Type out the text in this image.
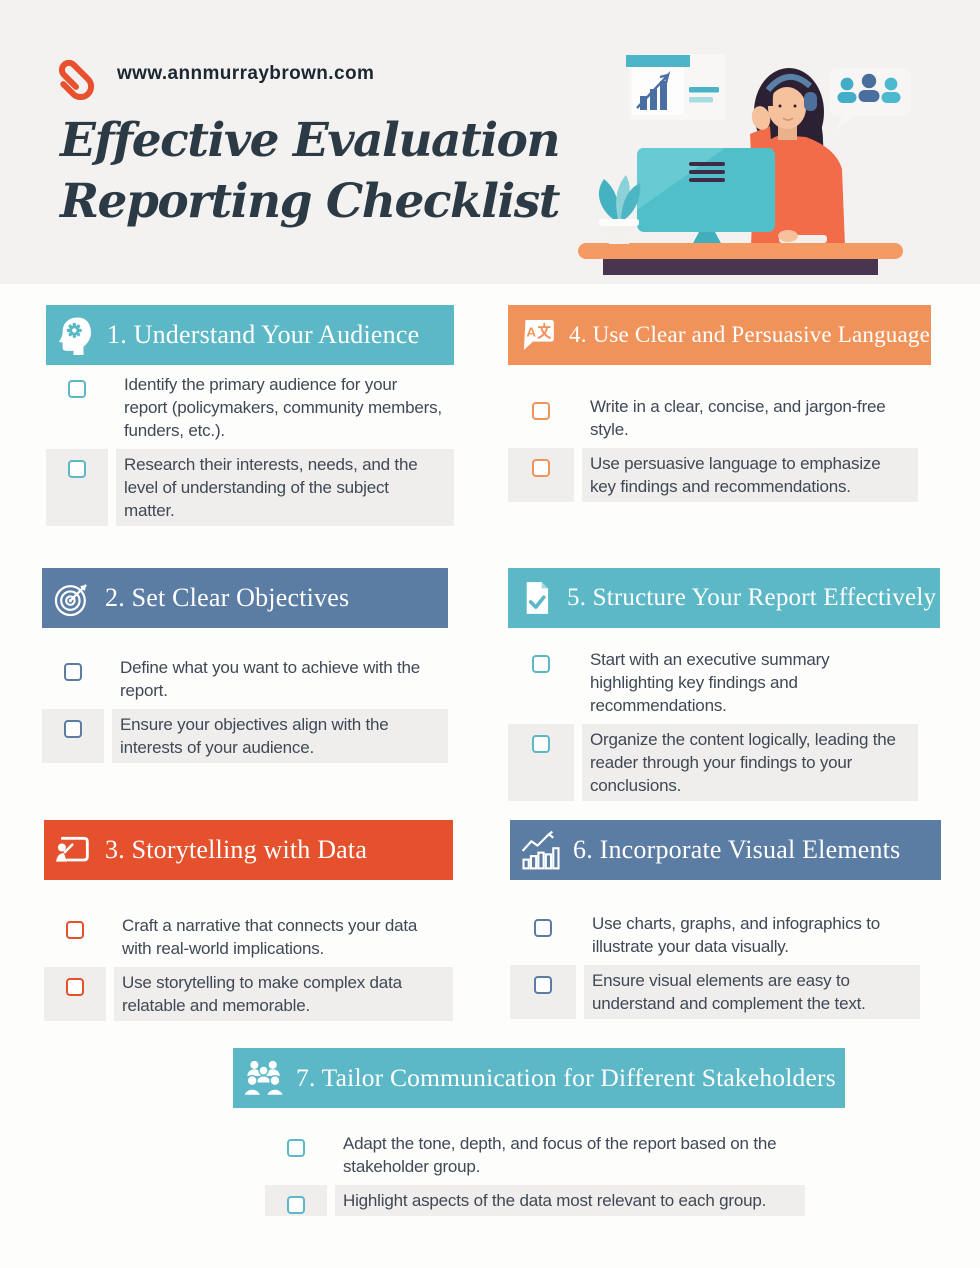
www.annmurraybrown.com
Effective Evaluation
Reporting Checklist
1. Understand Your Audience
Identify the primary audience for your report (policymakers, community members, funders, etc.).
Research their interests, needs, and the level of understanding of the subject matter.
2. Set Clear Objectives
Define what you want to achieve with the report.
Ensure your objectives align with the interests of your audience.
3. Storytelling with Data
Craft a narrative that connects your data with real-world implications.
Use storytelling to make complex data relatable and memorable.
A 4. Use Clear and Persuasive Language
Write in a clear, concise, and jargon-free style.
Use persuasive language to emphasize key findings and recommendations.
5. Structure Your Report Effectively
Start with an executive summary highlighting key findings and recommendations.
Organize the content logically, leading the reader through your findings to your conclusions.
6. Incorporate Visual Elements
Use charts, graphs, and infographics to illustrate your data visually.
Ensure visual elements are easy to understand and complement the text.
7. Tailor Communication for Different Stakeholders
Adapt the tone, depth, and focus of the report based on the stakeholder group.
Highlight aspects of the data most relevant to each group.
